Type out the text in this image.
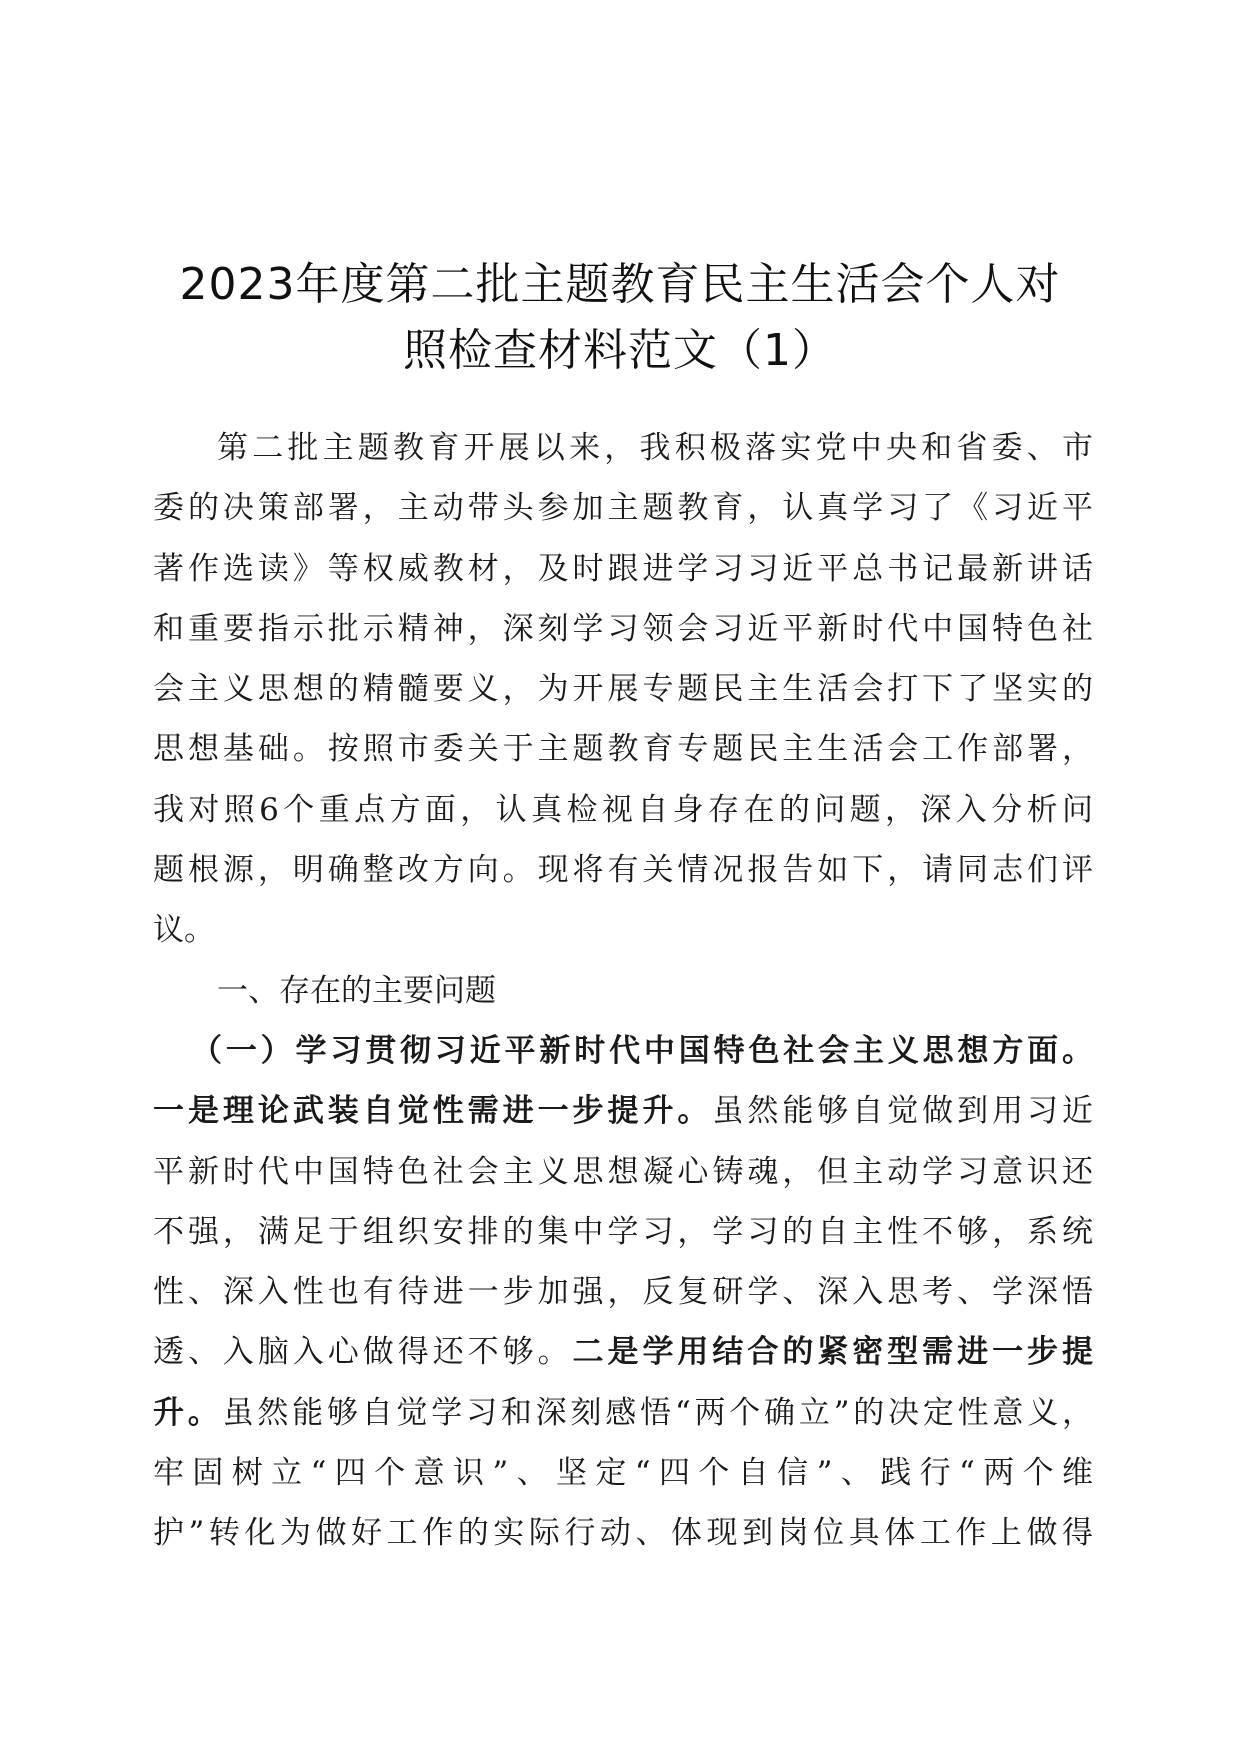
2023年度第二批主题教育民主生活会个人对
照检查材料范文（1）
第二批主题教育开展以来，我积极落实党中央和省委、市
委的决策部署，主动带头参加主题教育，认真学习了《习近平
著作选读》等权威教材，及时跟进学习习近平总书记最新讲话
和重要指示批示精神，深刻学习领会习近平新时代中国特色社
会主义思想的精髓要义，为开展专题民主生活会打下了坚实的
思想基础。按照市委关于主题教育专题民主生活会工作部署，
我对照6个重点方面，认真检视自身存在的问题，深入分析问
题根源，明确整改方向。现将有关情况报告如下，请同志们评
议。
一、存在的主要问题
（一）学习贯彻习近平新时代中国特色社会主义思想方面。
一是理论武装自觉性需进一步提升。虽然能够自觉做到用习近
平新时代中国特色社会主义思想凝心铸魂，但主动学习意识还
不强，满足于组织安排的集中学习，学习的自主性不够，系统
性、深入性也有待进一步加强，反复研学、深入思考、学深悟
透、入脑入心做得还不够。二是学用结合的紧密型需进一步提
升。虽然能够自觉学习和深刻感悟“两个确立”的决定性意义，
牢固树立“四个意识”、坚定“四个自信”、践行“两个维
护”转化为做好工作的实际行动、体现到岗位具体工作上做得
